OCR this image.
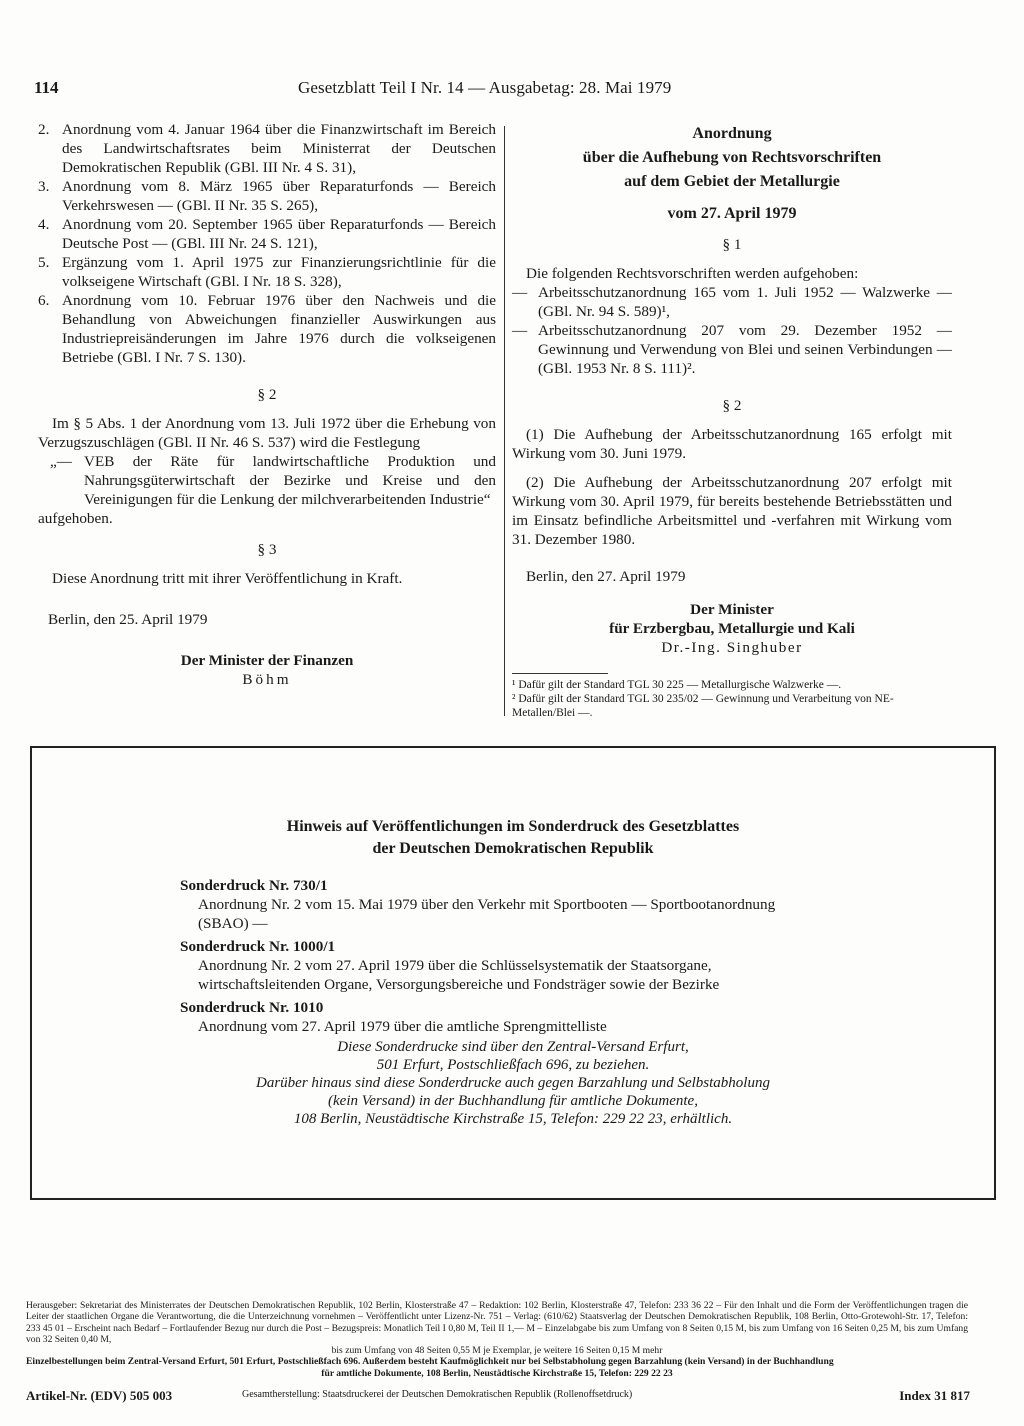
114	Gesetzblatt Teil I Nr. 14 — Ausgabetag: 28. Mai 1979
2. Anordnung vom 4. Januar 1964 über die Finanzwirtschaft im Bereich des Landwirtschaftsrates beim Ministerrat der Deutschen Demokratischen Republik (GBl. III Nr. 4 S. 31),
3. Anordnung vom 8. März 1965 über Reparaturfonds — Bereich Verkehrswesen — (GBl. II Nr. 35 S. 265),
4. Anordnung vom 20. September 1965 über Reparaturfonds — Bereich Deutsche Post — (GBl. III Nr. 24 S. 121),
5. Ergänzung vom 1. April 1975 zur Finanzierungsrichtlinie für die volkseigene Wirtschaft (GBl. I Nr. 18 S. 328),
6. Anordnung vom 10. Februar 1976 über den Nachweis und die Behandlung von Abweichungen finanzieller Auswirkungen aus Industriepreisänderungen im Jahre 1976 durch die volkseigenen Betriebe (GBl. I Nr. 7 S. 130).
§ 2
Im § 5 Abs. 1 der Anordnung vom 13. Juli 1972 über die Erhebung von Verzugszuschlägen (GBl. II Nr. 46 S. 537) wird die Festlegung
„— VEB der Räte für landwirtschaftliche Produktion und Nahrungsgüterwirtschaft der Bezirke und Kreise und den Vereinigungen für die Lenkung der milchverarbeitenden Industrie“
aufgehoben.
§ 3
Diese Anordnung tritt mit ihrer Veröffentlichung in Kraft.
Berlin, den 25. April 1979
Der Minister der Finanzen
Böhm
Anordnung
über die Aufhebung von Rechtsvorschriften
auf dem Gebiet der Metallurgie
vom 27. April 1979
§ 1
Die folgenden Rechtsvorschriften werden aufgehoben:
— Arbeitsschutzanordnung 165 vom 1. Juli 1952 — Walzwerke — (GBl. Nr. 94 S. 589)¹,
— Arbeitsschutzanordnung 207 vom 29. Dezember 1952 — Gewinnung und Verwendung von Blei und seinen Verbindungen — (GBl. 1953 Nr. 8 S. 111)².
§ 2
(1) Die Aufhebung der Arbeitsschutzanordnung 165 erfolgt mit Wirkung vom 30. Juni 1979.
(2) Die Aufhebung der Arbeitsschutzanordnung 207 erfolgt mit Wirkung vom 30. April 1979, für bereits bestehende Betriebsstätten und im Einsatz befindliche Arbeitsmittel und -verfahren mit Wirkung vom 31. Dezember 1980.
Berlin, den 27. April 1979
Der Minister
für Erzbergbau, Metallurgie und Kali
Dr.-Ing. Singhuber
¹ Dafür gilt der Standard TGL 30 225 — Metallurgische Walzwerke —.
² Dafür gilt der Standard TGL 30 235/02 — Gewinnung und Verarbeitung von NE-Metallen/Blei —.
Hinweis auf Veröffentlichungen im Sonderdruck des Gesetzblattes
der Deutschen Demokratischen Republik
Sonderdruck Nr. 730/1
Anordnung Nr. 2 vom 15. Mai 1979 über den Verkehr mit Sportbooten — Sportbootanordnung (SBAO) —
Sonderdruck Nr. 1000/1
Anordnung Nr. 2 vom 27. April 1979 über die Schlüsselsystematik der Staatsorgane, wirtschaftsleitenden Organe, Versorgungsbereiche und Fondsträger sowie der Bezirke
Sonderdruck Nr. 1010
Anordnung vom 27. April 1979 über die amtliche Sprengmittelliste
Diese Sonderdrucke sind über den Zentral-Versand Erfurt,
501 Erfurt, Postschließfach 696, zu beziehen.
Darüber hinaus sind diese Sonderdrucke auch gegen Barzahlung und Selbstabholung
(kein Versand) in der Buchhandlung für amtliche Dokumente,
108 Berlin, Neustädtische Kirchstraße 15, Telefon: 229 22 23, erhältlich.
Herausgeber: Sekretariat des Ministerrates der Deutschen Demokratischen Republik, 102 Berlin, Klosterstraße 47 – Redaktion: 102 Berlin, Klosterstraße 47, Telefon: 233 36 22 – Für den Inhalt und die Form der Veröffentlichungen tragen die Leiter der staatlichen Organe die Verantwortung, die die Unterzeichnung vornehmen – Veröffentlicht unter Lizenz-Nr. 751 – Verlag: (610/62) Staatsverlag der Deutschen Demokratischen Republik, 108 Berlin, Otto-Grotewohl-Str. 17, Telefon: 233 45 01 – Erscheint nach Bedarf – Fortlaufender Bezug nur durch die Post – Bezugspreis: Monatlich Teil I 0,80 M, Teil II 1,— M – Einzelabgabe bis zum Umfang von 8 Seiten 0,15 M, bis zum Umfang von 16 Seiten 0,25 M, bis zum Umfang von 32 Seiten 0,40 M,
bis zum Umfang von 48 Seiten 0,55 M je Exemplar, je weitere 16 Seiten 0,15 M mehr
Einzelbestellungen beim Zentral-Versand Erfurt, 501 Erfurt, Postschließfach 696. Außerdem besteht Kaufmöglichkeit nur bei Selbstabholung gegen Barzahlung (kein Versand) in der Buchhandlung
für amtliche Dokumente, 108 Berlin, Neustädtische Kirchstraße 15, Telefon: 229 22 23
Artikel-Nr. (EDV) 505 003	Gesamtherstellung: Staatsdruckerei der Deutschen Demokratischen Republik (Rollenoffsetdruck)	Index 31 817
